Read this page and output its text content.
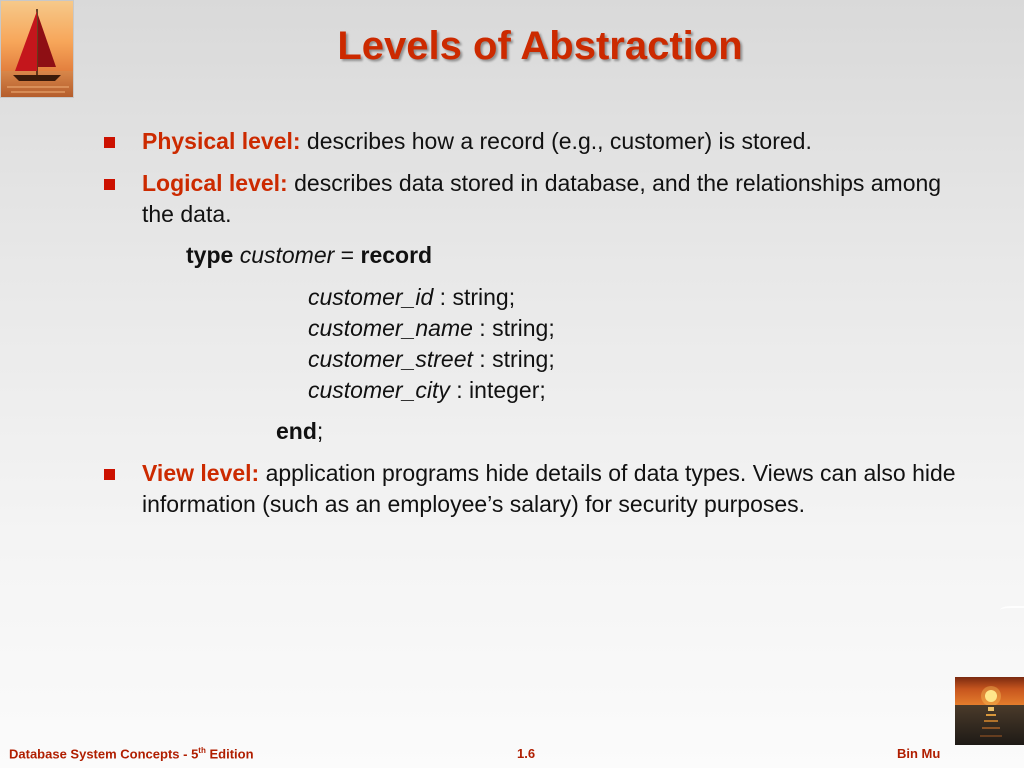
Levels of Abstraction
Physical level: describes how a record (e.g., customer) is stored.
Logical level: describes data stored in database, and the relationships among the data.
type customer = record
customer_id : string;
customer_name : string;
customer_street : string;
customer_city : integer;
end;
View level: application programs hide details of data types. Views can also hide information (such as an employee’s salary) for security purposes.
Database System Concepts - 5th Edition	1.6	Bin Mu
